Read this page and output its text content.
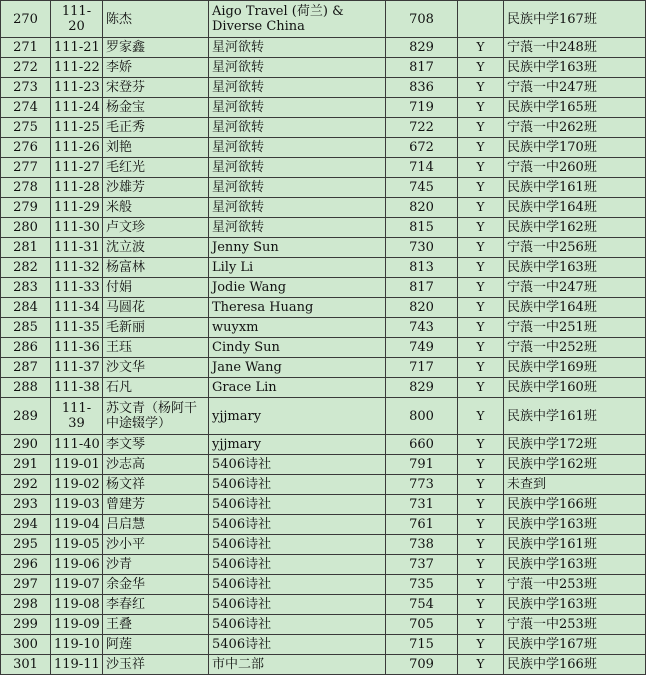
270	111-20	陈杰	Aigo Travel (荷兰) & Diverse China	708		民族中学167班
271	111-21	罗家鑫	星河欲转	829	Y	宁蒗一中248班
272	111-22	李娇	星河欲转	817	Y	民族中学163班
273	111-23	宋登芬	星河欲转	836	Y	宁蒗一中247班
274	111-24	杨金宝	星河欲转	719	Y	民族中学165班
275	111-25	毛正秀	星河欲转	722	Y	宁蒗一中262班
276	111-26	刘艳	星河欲转	672	Y	民族中学170班
277	111-27	毛红光	星河欲转	714	Y	宁蒗一中260班
278	111-28	沙雄芳	星河欲转	745	Y	民族中学161班
279	111-29	米般	星河欲转	820	Y	民族中学164班
280	111-30	卢文珍	星河欲转	815	Y	民族中学162班
281	111-31	沈立波	Jenny Sun	730	Y	宁蒗一中256班
282	111-32	杨富林	Lily Li	813	Y	民族中学163班
283	111-33	付娟	Jodie Wang	817	Y	宁蒗一中247班
284	111-34	马圆花	Theresa Huang	820	Y	民族中学164班
285	111-35	毛新丽	wuyxm	743	Y	宁蒗一中251班
286	111-36	王珏	Cindy Sun	749	Y	宁蒗一中252班
287	111-37	沙文华	Jane Wang	717	Y	民族中学169班
288	111-38	石凡	Grace Lin	829	Y	民族中学160班
289	111-39	苏文青（杨阿干中途辍学）	yjjmary	800	Y	民族中学161班
290	111-40	李文琴	yjjmary	660	Y	民族中学172班
291	119-01	沙志高	5406诗社	791	Y	民族中学162班
292	119-02	杨文祥	5406诗社	773	Y	未查到
293	119-03	曾建芳	5406诗社	731	Y	民族中学166班
294	119-04	吕启慧	5406诗社	761	Y	民族中学163班
295	119-05	沙小平	5406诗社	738	Y	民族中学161班
296	119-06	沙青	5406诗社	737	Y	民族中学163班
297	119-07	余金华	5406诗社	735	Y	宁蒗一中253班
298	119-08	李春红	5406诗社	754	Y	民族中学163班
299	119-09	王叠	5406诗社	705	Y	宁蒗一中253班
300	119-10	阿莲	5406诗社	715	Y	民族中学167班
301	119-11	沙玉祥	市中二部	709	Y	民族中学166班
